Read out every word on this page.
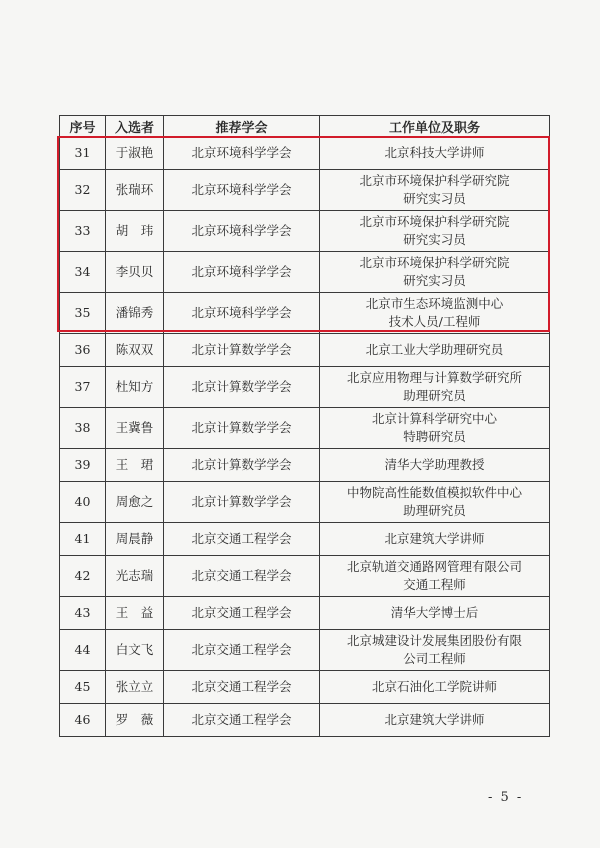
序号	入选者	推荐学会	工作单位及职务
31	于淑艳	北京环境科学学会	北京科技大学讲师

32	张瑞环	北京环境科学学会	北京市环境保护科学研究院
研究实习员

33	胡　玮	北京环境科学学会	北京市环境保护科学研究院
研究实习员

34	李贝贝	北京环境科学学会	北京市环境保护科学研究院
研究实习员

35	潘锦秀	北京环境科学学会	北京市生态环境监测中心
技术人员/工程师

36	陈双双	北京计算数学学会	北京工业大学助理研究员

37	杜知方	北京计算数学学会	北京应用物理与计算数学研究所
助理研究员

38	王冀鲁	北京计算数学学会	北京计算科学研究中心
特聘研究员

39	王　珺	北京计算数学学会	清华大学助理教授

40	周愈之	北京计算数学学会	中物院高性能数值模拟软件中心
助理研究员

41	周晨静	北京交通工程学会	北京建筑大学讲师

42	光志瑞	北京交通工程学会	北京轨道交通路网管理有限公司
交通工程师

43	王　益	北京交通工程学会	清华大学博士后

44	白文飞	北京交通工程学会	北京城建设计发展集团股份有限
公司工程师

45	张立立	北京交通工程学会	北京石油化工学院讲师

46	罗　薇	北京交通工程学会	北京建筑大学讲师
- 5 -
